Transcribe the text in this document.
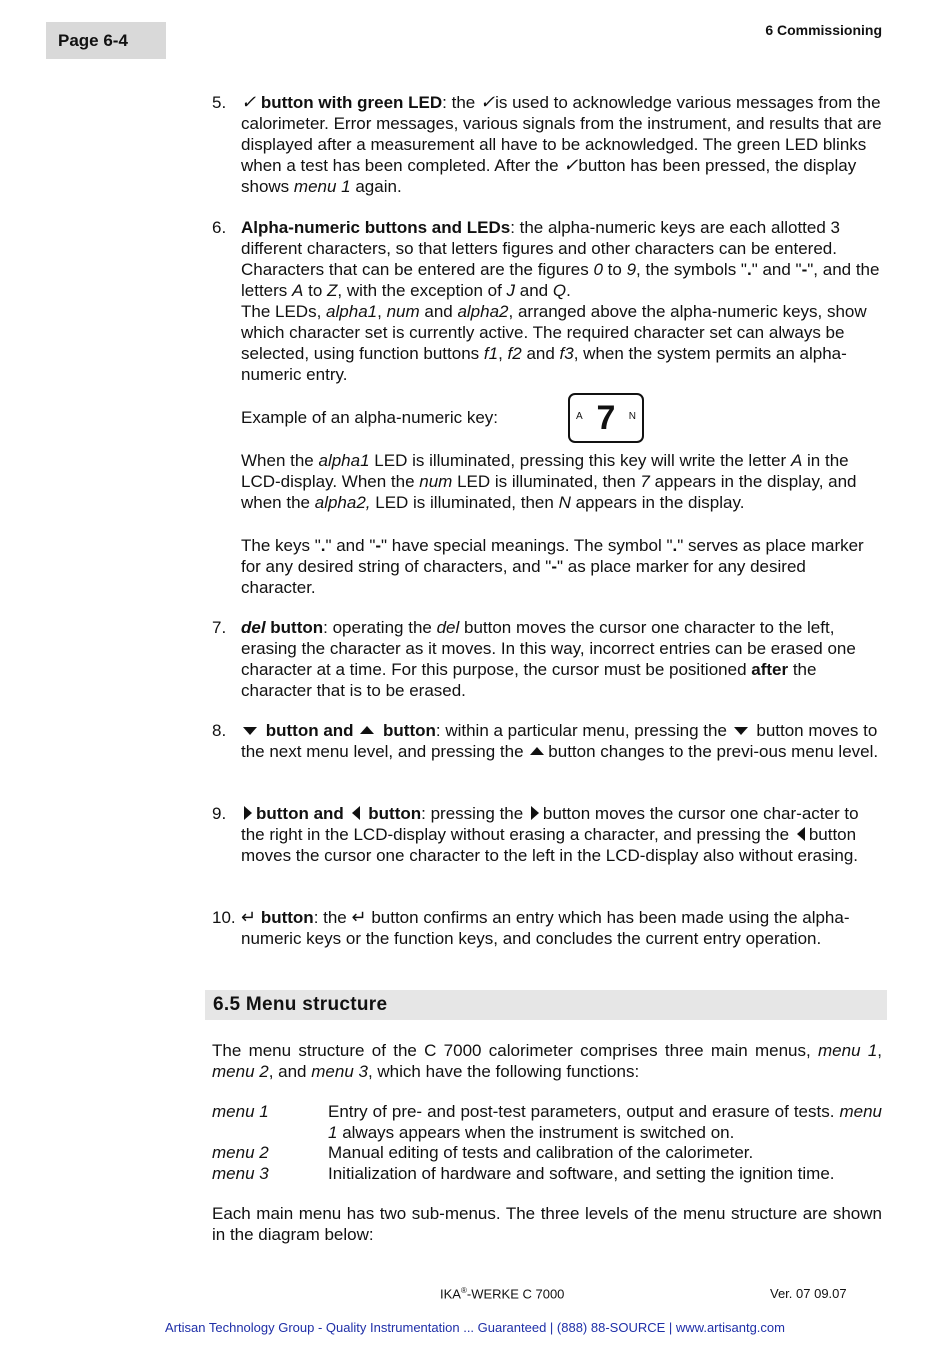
Page 6-4
6 Commissioning
5. ✓ button with green LED: the ✓is used to acknowledge various messages from the calorimeter. Error messages, various signals from the instrument, and results that are displayed after a measurement all have to be acknowledged. The green LED blinks when a test has been completed. After the ✓button has been pressed, the display shows menu 1 again.

6. Alpha-numeric buttons and LEDs: the alpha-numeric keys are each allotted 3 different characters, so that letters figures and other characters can be entered. Characters that can be entered are the figures 0 to 9, the symbols "." and "-", and the letters A to Z, with the exception of J and Q.

The LEDs, alpha1, num and alpha2, arranged above the alpha-numeric keys, show which character set is currently active. The required character set can always be selected, using function buttons f1, f2 and f3, when the system permits an alpha-numeric entry.

Example of an alpha-numeric key:	A 7	N

When the alpha1 LED is illuminated, pressing this key will write the letter A in the LCD-display. When the num LED is illuminated, then 7 appears in the display, and when the alpha2, LED is illuminated, then N appears in the display.

The keys "." and "-" have special meanings. The symbol "." serves as place marker for any desired string of characters, and "-" as place marker for any desired character.

7. del button: operating the del button moves the cursor one character to the left, erasing the character as it moves. In this way, incorrect entries can be erased one character at a time. For this purpose, the cursor must be positioned after the character that is to be erased.

8.	button and button: within a particular menu, pressing the  button moves to the next menu level, and pressing the button changes to the previ-ous menu level.

9.	button and button: pressing the button moves the cursor one char-acter to the right in the LCD-display without erasing a character, and pressing the button moves the cursor one character to the left in the LCD-display also without erasing.

10. ↵ button: the ↵ button confirms an entry which has been made using the alpha-numeric keys or the function keys, and concludes the current entry operation.

6.5 Menu structure
The menu structure of the C 7000 calorimeter comprises three main menus, menu 1, menu 2, and menu 3, which have the following functions:
menu 1	Entry of pre- and post-test parameters, output and erasure of tests. menu 1 always appears when the instrument is switched on.
menu 2	Manual editing of tests and calibration of the calorimeter.
menu 3	Initialization of hardware and software, and setting the ignition time.
Each main menu has two sub-menus. The three levels of the menu structure are shown in the diagram below:
IKA®-WERKE C 7000	Ver. 07 09.07
Artisan Technology Group - Quality Instrumentation ... Guaranteed | (888) 88-SOURCE | www.artisantg.com
